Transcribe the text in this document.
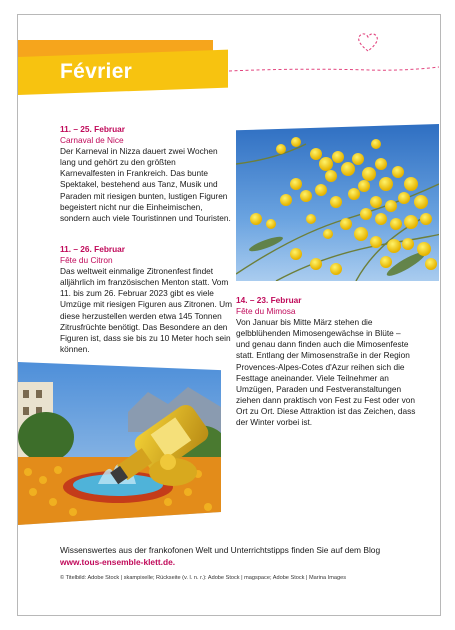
Février
11. – 25. Februar
Carnaval de Nice
Der Karneval in Nizza dauert zwei Wochen lang und gehört zu den größten Karnevalfesten in Frankreich. Das bunte Spektakel, bestehend aus Tanz, Musik und Paraden mit riesigen bunten, lustigen Figuren begeistert nicht nur die Einheimischen, sondern auch viele Touristinnen und Touristen.
11. – 26. Februar
Fête du Citron
Das weltweit einmalige Zitronenfest findet alljährlich im französischen Menton statt. Vom 11. bis zum 26. Februar 2023 gibt es viele Umzüge mit riesigen Figuren aus Zitronen. Um diese herzustellen werden etwa 145 Tonnen Zitrusfrüchte benötigt. Das Besondere an den Figuren ist, dass sie bis zu 10 Meter hoch sein können.
14. – 23. Februar
Fête du Mimosa
Von Januar bis Mitte März stehen die gelbblühenden Mimosengewächse in Blüte – und genau dann finden auch die Mimosenfeste statt. Entlang der Mimosenstraße in der Region Provences-Alpes-Cotes d'Azur reihen sich die Festtage aneinander. Viele Teilnehmer an Umzügen, Paraden und Festveranstaltungen ziehen dann praktisch von Fest zu Fest oder von Ort zu Ort. Diese Attraktion ist das Zeichen, dass der Winter vorbei ist.
Wissenswertes aus der frankofonen Welt und Unterrichtstipps finden Sie auf dem Blog
www.tous-ensemble-klett.de.
© Titelbild: Adobe Stock | skampixelle; Rückseite (v. l. n. r.): Adobe Stock | magspace; Adobe Stock | Marina Images
